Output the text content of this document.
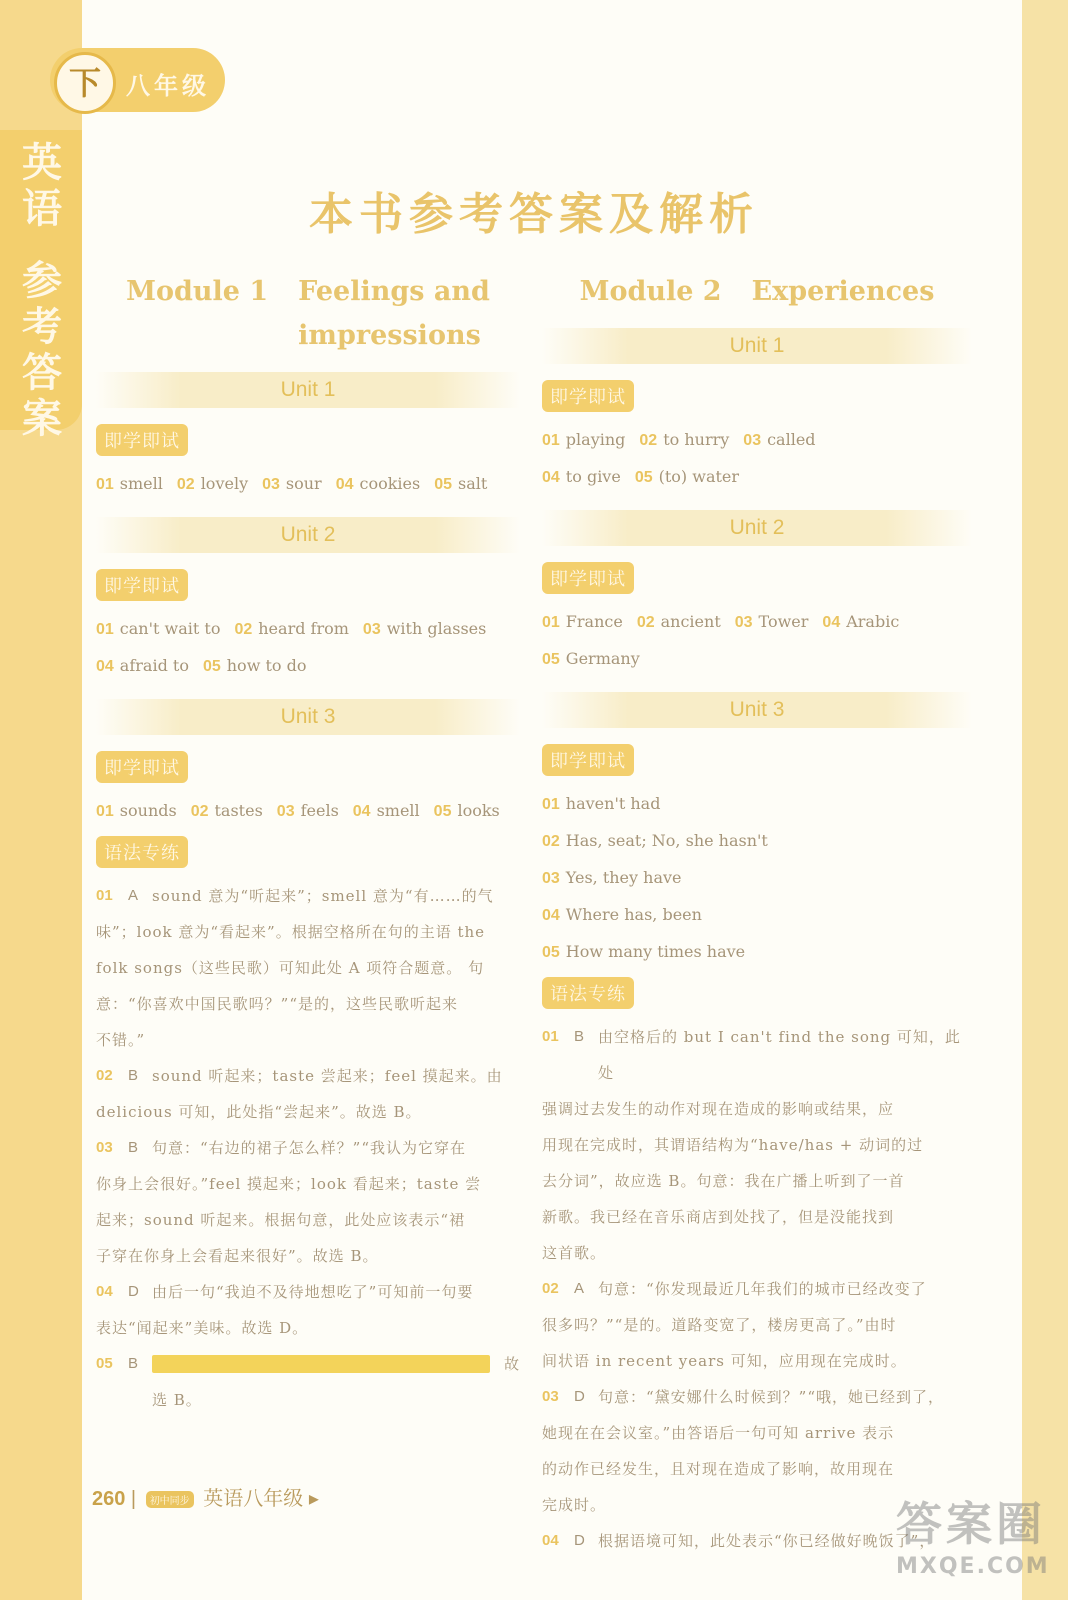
下	八年级
英
语
参
考
答
案
本书参考答案及解析
Module 1 Feelings and
impressions
Unit 1
即学即试
01 smell 02 lovely 03 sour 04 cookies 05 salt
Unit 2
即学即试
01 can't wait to 02 heard from 03 with glasses
04 afraid to 05 how to do
Unit 3
即学即试
01 sounds 02 tastes 03 feels 04 smell 05 looks
语法专练
01	A sound 意为“听起来”；smell 意为“有……的气
味”；look 意为“看起来”。根据空格所在句的主语 the
folk songs（这些民歌）可知此处 A 项符合题意。 句
意：“你喜欢中国民歌吗？”“是的，这些民歌听起来
不错。”
02	B sound 听起来；taste 尝起来；feel 摸起来。由
delicious 可知，此处指“尝起来”。故选 B。
03	B 句意：“右边的裙子怎么样？”“我认为它穿在
你身上会很好。”feel 摸起来；look 看起来；taste 尝
起来；sound 听起来。根据句意，此处应该表示“裙
子穿在你身上会看起来很好”。故选 B。
04	D 由后一句“我迫不及待地想吃了”可知前一句要
表达“闻起来”美味。故选 D。
05	B	故
选 B。
Module 2 Experiences
Unit 1
即学即试
01 playing 02 to hurry 03 called
04 to give 05 (to) water
Unit 2
即学即试
01 France 02 ancient 03 Tower 04 Arabic
05 Germany
Unit 3
即学即试
01 haven't had
02 Has, seat; No, she hasn't
03 Yes, they have
04 Where has, been
05 How many times have
语法专练
01	B 由空格后的 but I can't find the song 可知，此处
强调过去发生的动作对现在造成的影响或结果，应
用现在完成时，其谓语结构为“have/has + 动词的过
去分词”，故应选 B。句意：我在广播上听到了一首
新歌。我已经在音乐商店到处找了，但是没能找到
这首歌。
02	A 句意：“你发现最近几年我们的城市已经改变了
很多吗？”“是的。道路变宽了，楼房更高了。”由时
间状语 in recent years 可知，应用现在完成时。
03	D 句意：“黛安娜什么时候到？”“哦，她已经到了，
她现在在会议室。”由答语后一句可知 arrive 表示
的动作已经发生，且对现在造成了影响，故用现在
完成时。
04	D 根据语境可知，此处表示“你已经做好晚饭了”，
260 | 初中同步 英语八年级 ▸	答案圈
MXQE.COM
